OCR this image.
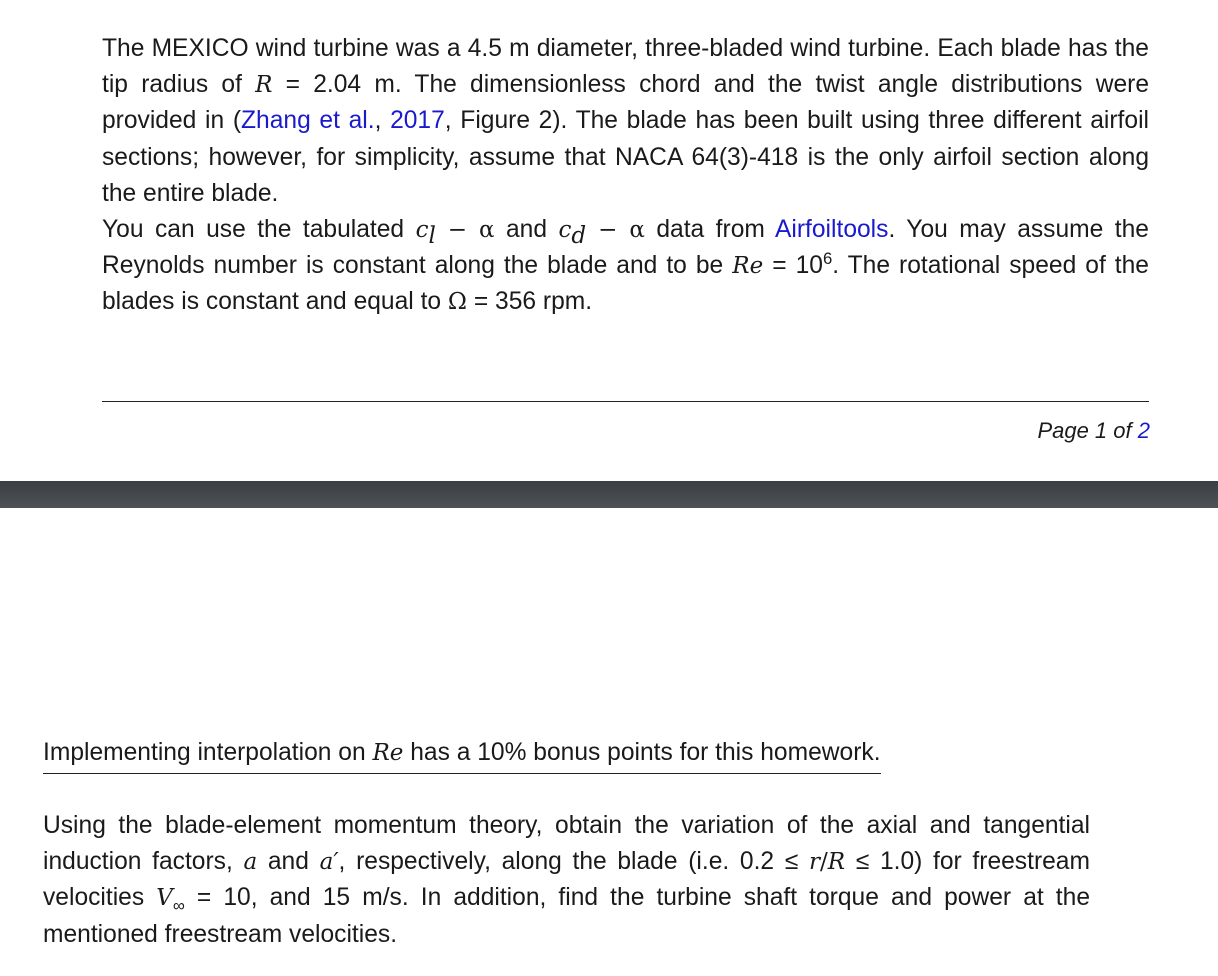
The MEXICO wind turbine was a 4.5 m diameter, three-bladed wind turbine. Each blade has the tip radius of R = 2.04 m. The dimensionless chord and the twist angle distributions were provided in (Zhang et al., 2017, Figure 2). The blade has been built using three different airfoil sections; however, for simplicity, assume that NACA 64(3)-418 is the only airfoil section along the entire blade.

You can use the tabulated $c_l - \alpha$ and $c_d - \alpha$ data from Airfoiltools. You may assume the Reynolds number is constant along the blade and to be $Re = 10^6$. The rotational speed of the blades is constant and equal to Ω = 356 rpm.

Page 1 of 2
Implementing interpolation on Re has a 10% bonus points for this homework.

Using the blade-element momentum theory, obtain the variation of the axial and tangential induction factors, a and a′, respectively, along the blade (i.e. 0.2 ≤ r/R ≤ 1.0) for freestream velocities $V_\infty = 10$, and 15 m/s. In addition, find the turbine shaft torque and power at the mentioned freestream velocities.
